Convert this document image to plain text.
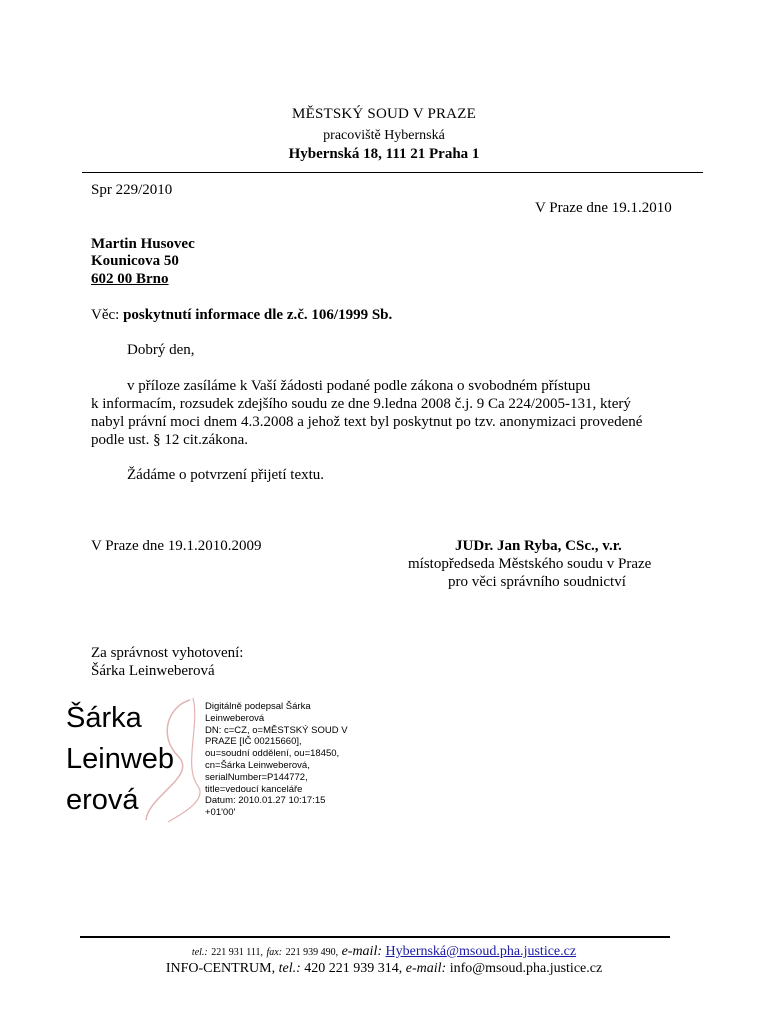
MĚSTSKÝ SOUD V PRAZE
pracoviště Hybernská
Hybernská 18, 111 21 Praha 1
Spr 229/2010
V Praze dne 19.1.2010
Martin Husovec
Kounicova 50
602 00 Brno
Věc: poskytnutí informace dle z.č. 106/1999 Sb.
Dobrý den,
v příloze zasíláme k Vaší žádosti podané podle zákona o svobodném přístupu
k informacím, rozsudek zdejšího soudu ze dne 9.ledna 2008 č.j. 9 Ca 224/2005-131, který
nabyl právní moci dnem 4.3.2008 a jehož text byl poskytnut po tzv. anonymizaci provedené
podle ust. § 12 cit.zákona.
Žádáme o potvrzení přijetí textu.
V Praze dne 19.1.2010.2009	JUDr. Jan Ryba, CSc., v.r.
místopředseda Městského soudu v Praze
pro věci správního soudnictví
Za správnost vyhotovení:
Šárka Leinweberová
Šárka
Leinweb
erová
Digitálně podepsal Šárka
Leinweberová
DN: c=CZ, o=MĚSTSKÝ SOUD V
PRAZE [IČ 00215660],
ou=soudní oddělení, ou=18450,
cn=Šárka Leinweberová,
serialNumber=P144772,
title=vedoucí kanceláře
Datum: 2010.01.27 10:17:15
+01'00'
tel.: 221 931 111, fax: 221 939 490, e-mail: Hybernská@msoud.pha.justice.cz
INFO-CENTRUM, tel.: 420 221 939 314, e-mail: info@msoud.pha.justice.cz
